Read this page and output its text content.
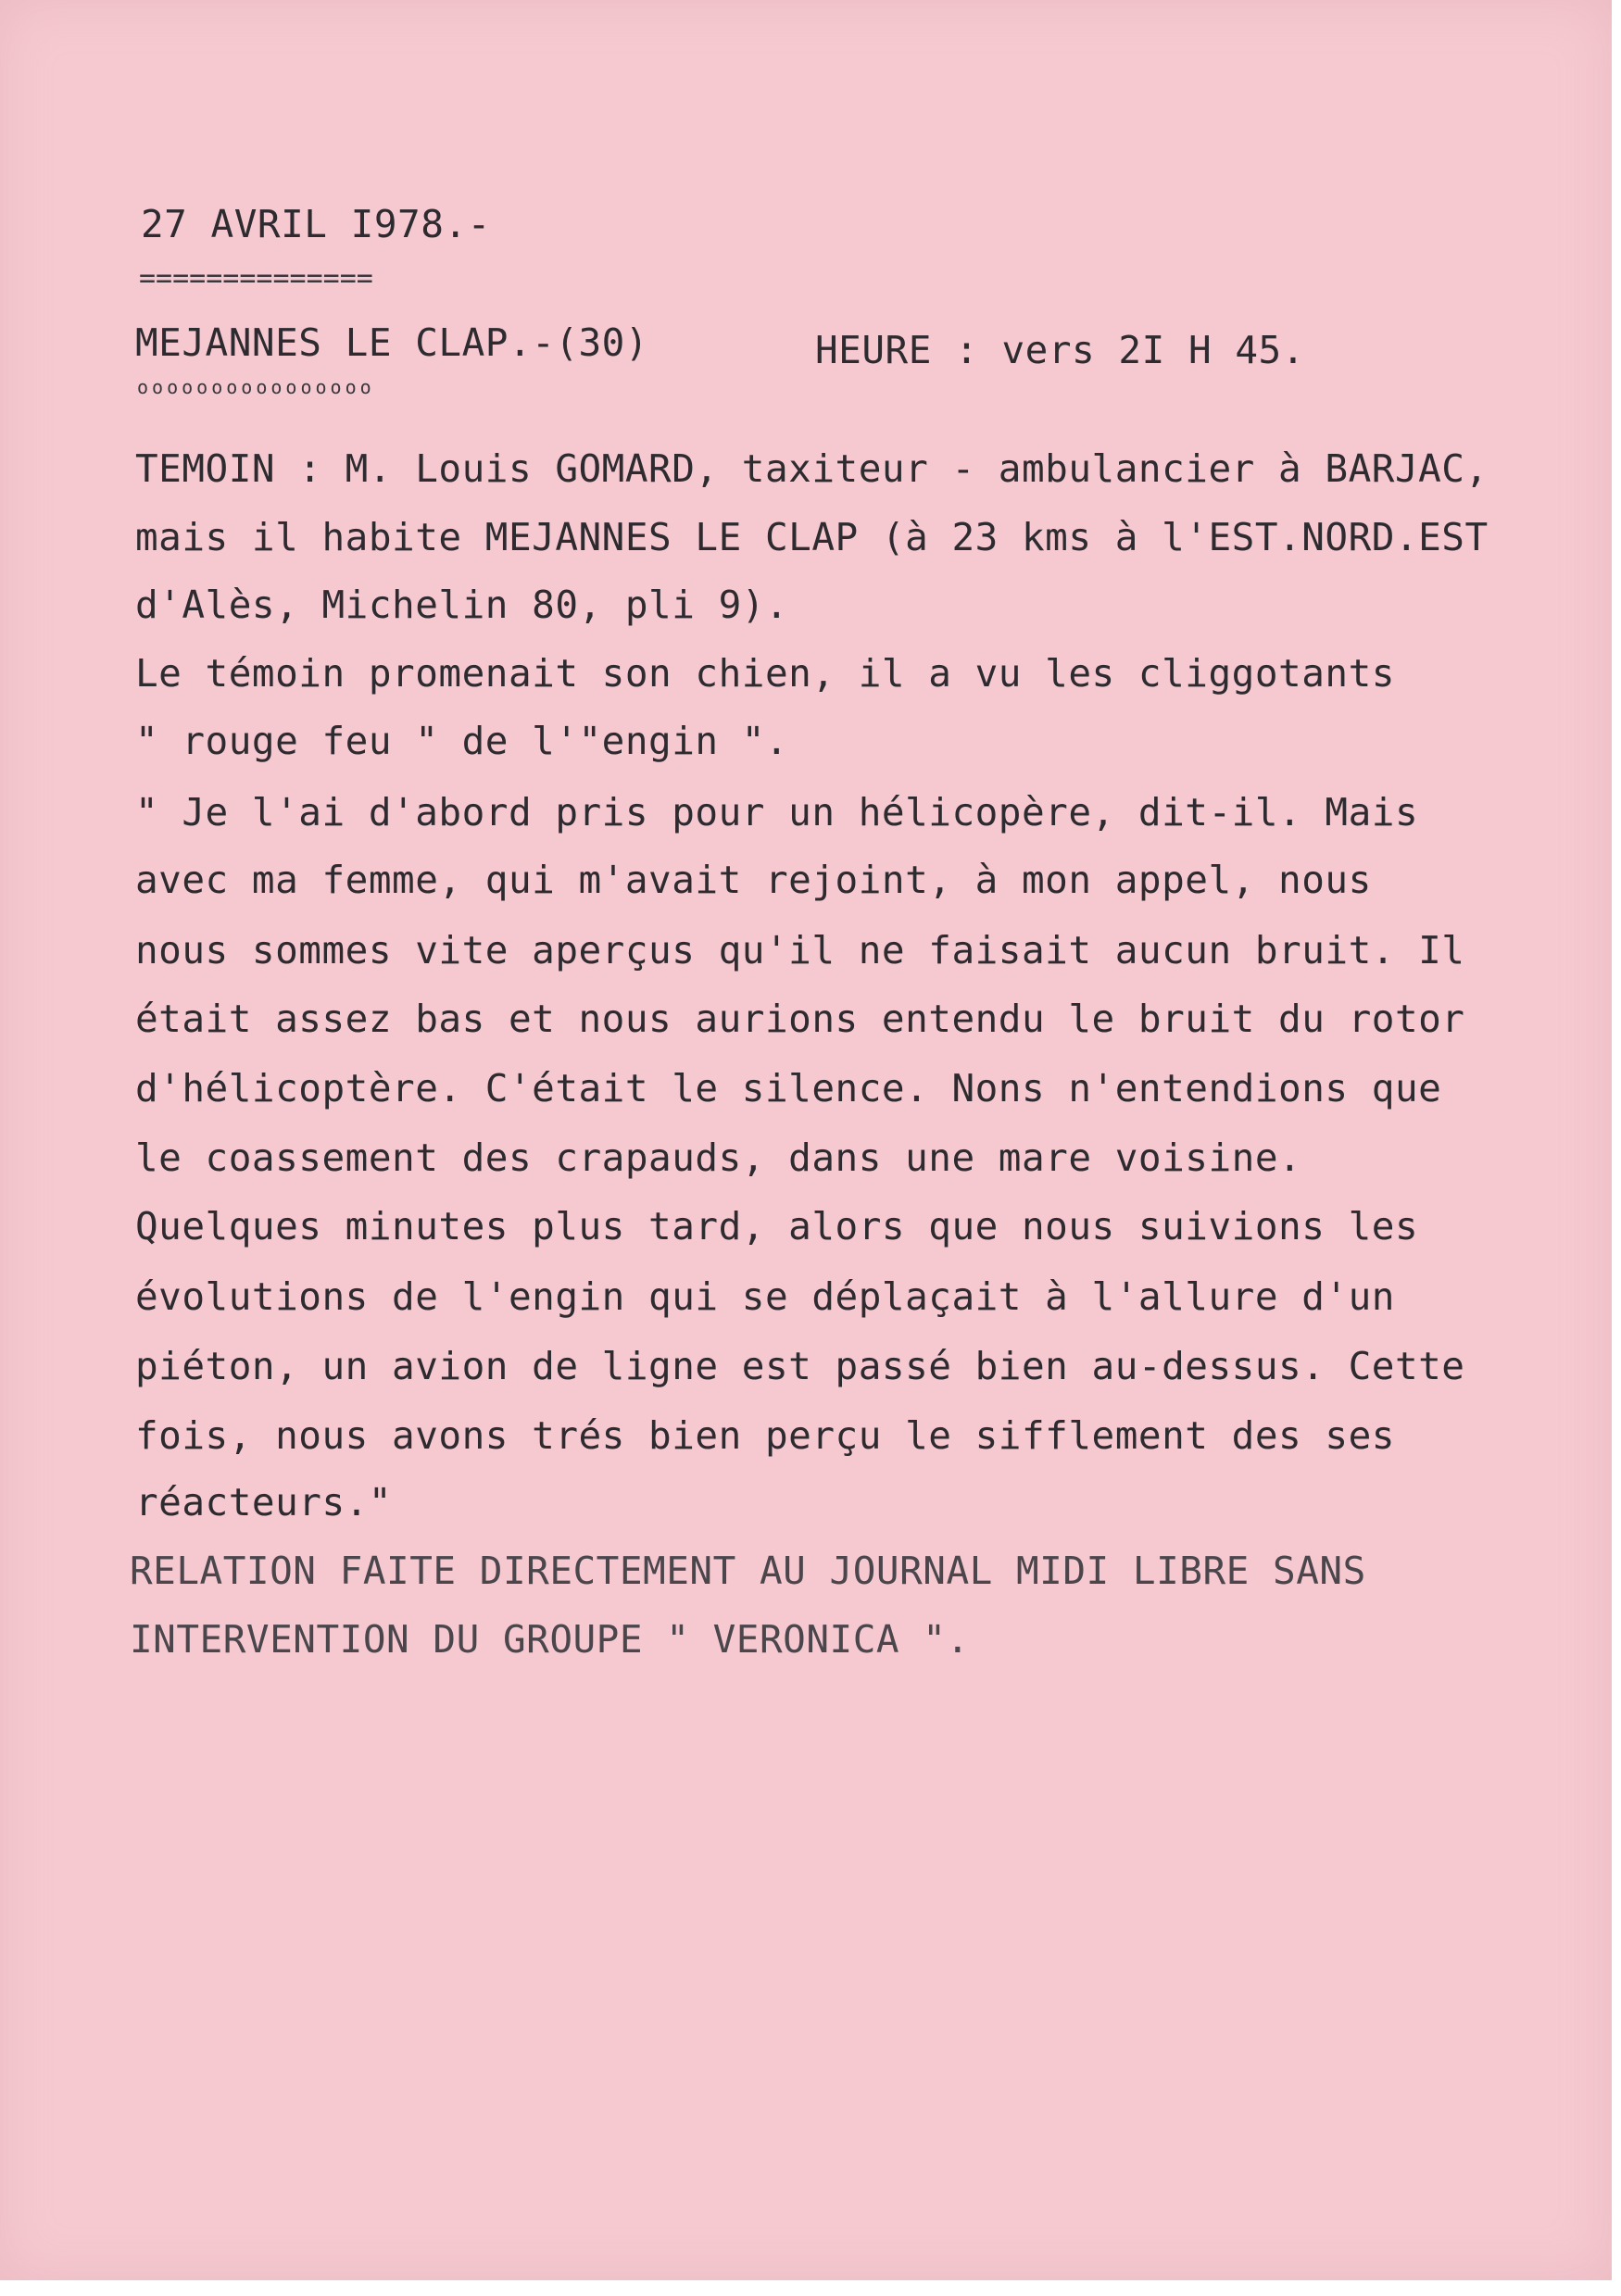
27 AVRIL I978.-
==============
MEJANNES LE CLAP.-(30)	HEURE : vers 2I H 45.
oooooooooooooooo
TEMOIN : M. Louis GOMARD, taxiteur - ambulancier à BARJAC,
mais il habite MEJANNES LE CLAP (à 23 kms à l'EST.NORD.EST
d'Alès, Michelin 80, pli 9).
Le témoin promenait son chien, il a vu les cliggotants
" rouge feu " de l'"engin ".
" Je l'ai d'abord pris pour un hélicopère, dit-il. Mais
avec ma femme, qui m'avait rejoint, à mon appel, nous
nous sommes vite aperçus qu'il ne faisait aucun bruit. Il
était assez bas et nous aurions entendu le bruit du rotor
d'hélicoptère. C'était le silence. Nons n'entendions que
le coassement des crapauds, dans une mare voisine.
Quelques minutes plus tard, alors que nous suivions les
évolutions de l'engin qui se déplaçait à l'allure d'un
piéton, un avion de ligne est passé bien au-dessus. Cette
fois, nous avons trés bien perçu le sifflement des ses
réacteurs."
RELATION FAITE DIRECTEMENT AU JOURNAL MIDI LIBRE SANS
INTERVENTION DU GROUPE " VERONICA ".
